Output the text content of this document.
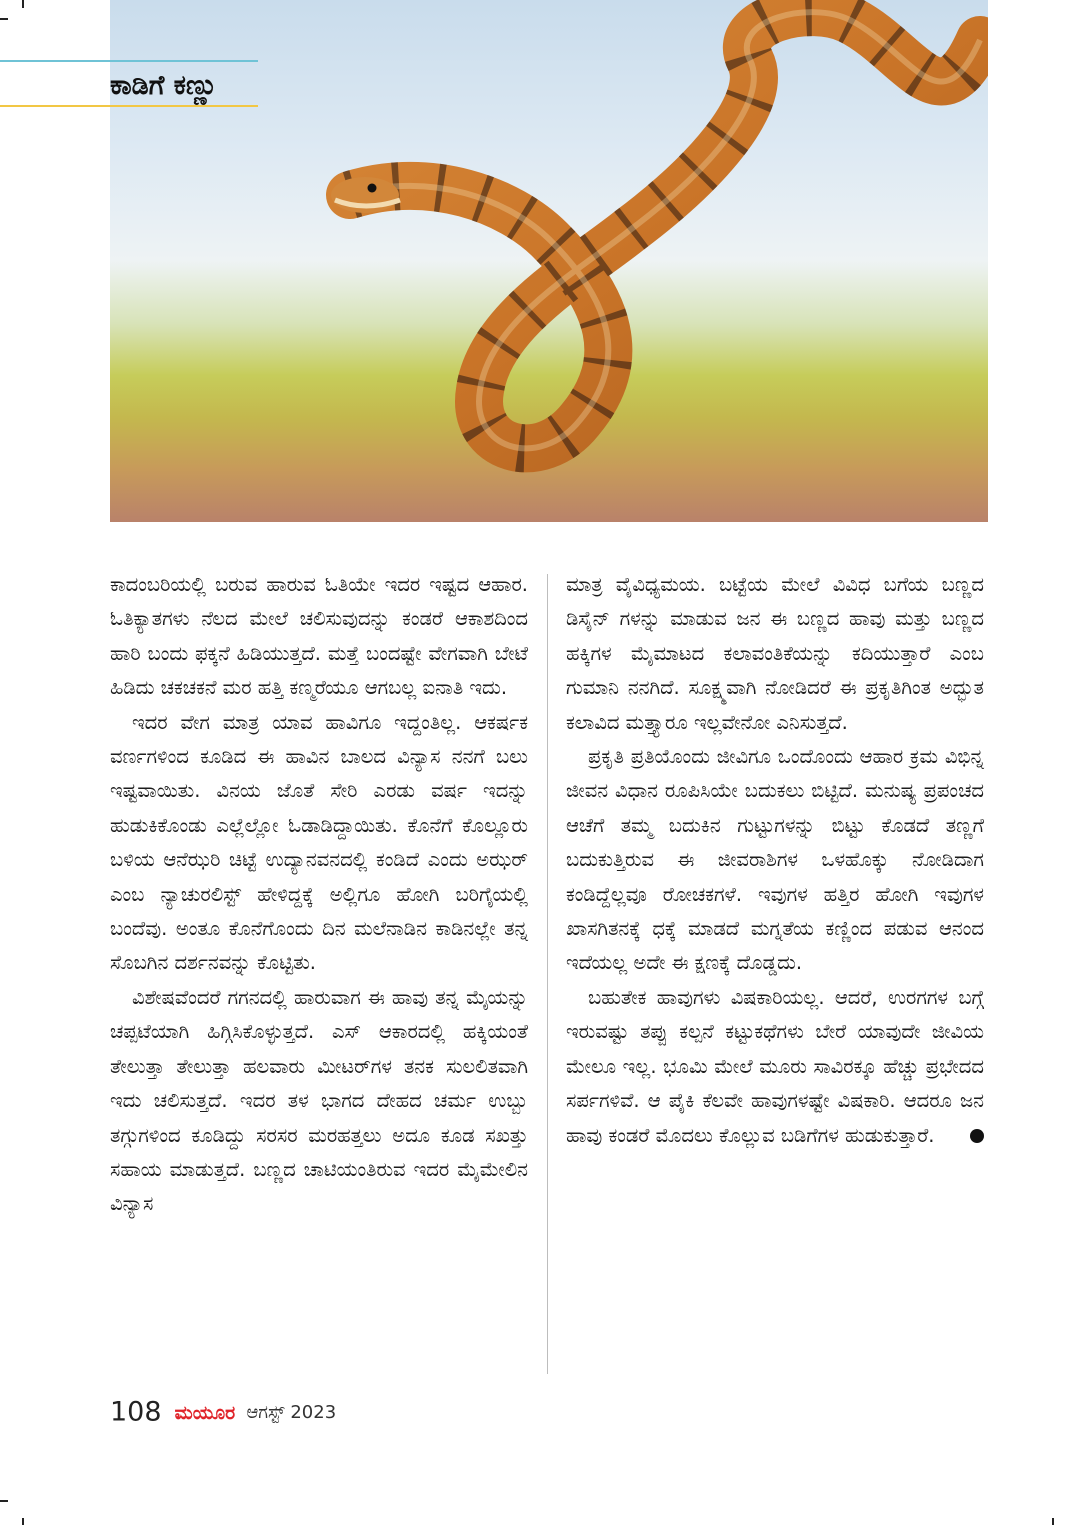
ಕಾಡಿಗೆ ಕಣ್ಣು

ಕಾದಂಬರಿಯಲ್ಲಿ ಬರುವ ಹಾರುವ ಓತಿಯೇ ಇದರ ಇಷ್ಟದ ಆಹಾರ. ಓತಿಕ್ಯಾತಗಳು ನೆಲದ ಮೇಲೆ ಚಲಿಸುವುದನ್ನು ಕಂಡರೆ ಆಕಾಶದಿಂದ ಹಾರಿ ಬಂದು ಫಕ್ಕನೆ ಹಿಡಿಯುತ್ತದೆ. ಮತ್ತೆ ಬಂದಷ್ಟೇ ವೇಗವಾಗಿ ಬೇಟೆ ಹಿಡಿದು ಚಕಚಕನೆ ಮರ ಹತ್ತಿ ಕಣ್ಮರೆಯೂ ಆಗಬಲ್ಲ ಐನಾತಿ ಇದು.

ಇದರ ವೇಗ ಮಾತ್ರ ಯಾವ ಹಾವಿಗೂ ಇದ್ದಂತಿಲ್ಲ. ಆಕರ್ಷಕ ವರ್ಣಗಳಿಂದ ಕೂಡಿದ ಈ ಹಾವಿನ ಬಾಲದ ವಿನ್ಯಾಸ ನನಗೆ ಬಲು ಇಷ್ಟವಾಯಿತು. ವಿನಯ ಜೊತೆ ಸೇರಿ ಎರಡು ವರ್ಷ ಇದನ್ನು ಹುಡುಕಿಕೊಂಡು ಎಲ್ಲೆಲ್ಲೋ ಓಡಾಡಿದ್ದಾಯಿತು. ಕೊನೆಗೆ ಕೊಲ್ಲೂರು ಬಳಿಯ ಆನೆಝರಿ ಚಿಟ್ಟೆ ಉದ್ಯಾನವನದಲ್ಲಿ ಕಂಡಿದೆ ಎಂದು ಅಝರ್ ಎಂಬ ನ್ಯಾಚುರಲಿಸ್ಟ್ ಹೇಳಿದ್ದಕ್ಕೆ ಅಲ್ಲಿಗೂ ಹೋಗಿ ಬರಿಗೈಯಲ್ಲಿ ಬಂದೆವು. ಅಂತೂ ಕೊನೆಗೊಂದು ದಿನ ಮಲೆನಾಡಿನ ಕಾಡಿನಲ್ಲೇ ತನ್ನ ಸೊಬಗಿನ ದರ್ಶನವನ್ನು ಕೊಟ್ಟಿತು.

ವಿಶೇಷವೆಂದರೆ ಗಗನದಲ್ಲಿ ಹಾರುವಾಗ ಈ ಹಾವು ತನ್ನ ಮೈಯನ್ನು ಚಪ್ಪಟೆಯಾಗಿ ಹಿಗ್ಗಿಸಿಕೊಳ್ಳುತ್ತದೆ. ಎಸ್ ಆಕಾರದಲ್ಲಿ ಹಕ್ಕಿಯಂತೆ ತೇಲುತ್ತಾ ತೇಲುತ್ತಾ ಹಲವಾರು ಮೀಟರ್‌ಗಳ ತನಕ ಸುಲಲಿತವಾಗಿ ಇದು ಚಲಿಸುತ್ತದೆ. ಇದರ ತಳ ಭಾಗದ ದೇಹದ ಚರ್ಮ ಉಬ್ಬು ತಗ್ಗುಗಳಿಂದ ಕೂಡಿದ್ದು ಸರಸರ ಮರಹತ್ತಲು ಅದೂ ಕೂಡ ಸಖತ್ತು ಸಹಾಯ ಮಾಡುತ್ತದೆ. ಬಣ್ಣದ ಚಾಟಿಯಂತಿರುವ ಇದರ ಮೈಮೇಲಿನ ವಿನ್ಯಾಸ

ಮಾತ್ರ ವೈವಿಧ್ಯಮಯ. ಬಟ್ಟೆಯ ಮೇಲೆ ವಿವಿಧ ಬಗೆಯ ಬಣ್ಣದ ಡಿಸೈನ್ ಗಳನ್ನು ಮಾಡುವ ಜನ ಈ ಬಣ್ಣದ ಹಾವು ಮತ್ತು ಬಣ್ಣದ ಹಕ್ಕಿಗಳ ಮೈಮಾಟದ ಕಲಾವಂತಿಕೆಯನ್ನು ಕದಿಯುತ್ತಾರೆ ಎಂಬ ಗುಮಾನಿ ನನಗಿದೆ. ಸೂಕ್ಷ್ಮವಾಗಿ ನೋಡಿದರೆ ಈ ಪ್ರಕೃತಿಗಿಂತ ಅದ್ಭುತ ಕಲಾವಿದ ಮತ್ತ್ಯಾರೂ ಇಲ್ಲವೇನೋ ಎನಿಸುತ್ತದೆ.

ಪ್ರಕೃತಿ ಪ್ರತಿಯೊಂದು ಜೀವಿಗೂ ಒಂದೊಂದು ಆಹಾರ ಕ್ರಮ ವಿಭಿನ್ನ ಜೀವನ ವಿಧಾನ ರೂಪಿಸಿಯೇ ಬದುಕಲು ಬಿಟ್ಟಿದೆ. ಮನುಷ್ಯ ಪ್ರಪಂಚದ ಆಚೆಗೆ ತಮ್ಮ ಬದುಕಿನ ಗುಟ್ಟುಗಳನ್ನು ಬಿಟ್ಟು ಕೊಡದೆ ತಣ್ಣಗೆ ಬದುಕುತ್ತಿರುವ ಈ ಜೀವರಾಶಿಗಳ ಒಳಹೊಕ್ಕು ನೋಡಿದಾಗ ಕಂಡಿದ್ದೆಲ್ಲವೂ ರೋಚಕಗಳೆ. ಇವುಗಳ ಹತ್ತಿರ ಹೋಗಿ ಇವುಗಳ ಖಾಸಗಿತನಕ್ಕೆ ಧಕ್ಕೆ ಮಾಡದೆ ಮಗ್ನತೆಯ ಕಣ್ಣಿಂದ ಪಡುವ ಆನಂದ ಇದೆಯಲ್ಲ ಅದೇ ಈ ಕ್ಷಣಕ್ಕೆ ದೊಡ್ಡದು.

ಬಹುತೇಕ ಹಾವುಗಳು ವಿಷಕಾರಿಯಲ್ಲ. ಆದರೆ, ಉರಗಗಳ ಬಗ್ಗೆ ಇರುವಷ್ಟು ತಪ್ಪು ಕಲ್ಪನೆ ಕಟ್ಟುಕಥೆಗಳು ಬೇರೆ ಯಾವುದೇ ಜೀವಿಯ ಮೇಲೂ ಇಲ್ಲ. ಭೂಮಿ ಮೇಲೆ ಮೂರು ಸಾವಿರಕ್ಕೂ ಹೆಚ್ಚು ಪ್ರಭೇದದ ಸರ್ಪಗಳಿವೆ. ಆ ಪೈಕಿ ಕೆಲವೇ ಹಾವುಗಳಷ್ಟೇ ವಿಷಕಾರಿ. ಆದರೂ ಜನ ಹಾವು ಕಂಡರೆ ಮೊದಲು ಕೊಲ್ಲುವ ಬಡಿಗೆಗಳ ಹುಡುಕುತ್ತಾರೆ.

108 ಮಯೂರ ಆಗಸ್ಟ್ 2023
